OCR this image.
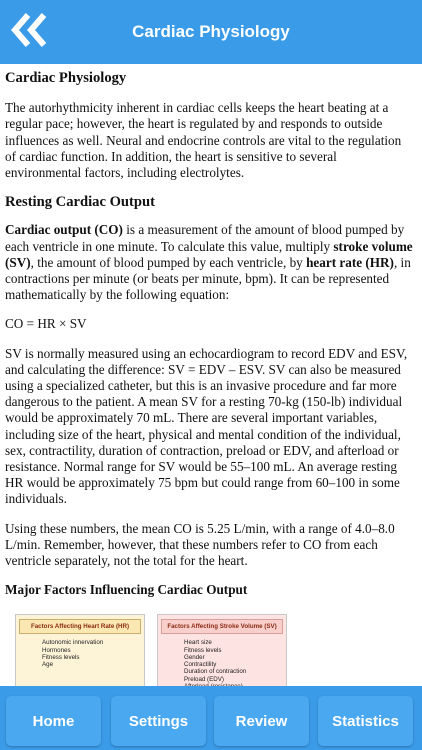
Cardiac Physiology
Cardiac Physiology

The autorhythmicity inherent in cardiac cells keeps the heart beating at a regular pace; however, the heart is regulated by and responds to outside influences as well. Neural and endocrine controls are vital to the regulation of cardiac function. In addition, the heart is sensitive to several environmental factors, including electrolytes.

Resting Cardiac Output

Cardiac output (CO) is a measurement of the amount of blood pumped by each ventricle in one minute. To calculate this value, multiply stroke volume (SV), the amount of blood pumped by each ventricle, by heart rate (HR), in contractions per minute (or beats per minute, bpm). It can be represented mathematically by the following equation:

CO = HR × SV

SV is normally measured using an echocardiogram to record EDV and ESV, and calculating the difference: SV = EDV – ESV. SV can also be measured using a specialized catheter, but this is an invasive procedure and far more dangerous to the patient. A mean SV for a resting 70-kg (150-lb) individual would be approximately 70 mL. There are several important variables, including size of the heart, physical and mental condition of the individual, sex, contractility, duration of contraction, preload or EDV, and afterload or resistance. Normal range for SV would be 55–100 mL. An average resting HR would be approximately 75 bpm but could range from 60–100 in some individuals.

Using these numbers, the mean CO is 5.25 L/min, with a range of 4.0–8.0 L/min. Remember, however, that these numbers refer to CO from each ventricle separately, not the total for the heart.

Major Factors Influencing Cardiac Output
Factors Affecting Heart Rate (HR)
Autonomic innervation
Hormones
Fitness levels
Age
Factors Affecting Stroke Volume (SV)
Heart size
Fitness levels
Gender
Contractility
Duration of contraction
Preload (EDV)
Home	Settings	Review	Statistics
